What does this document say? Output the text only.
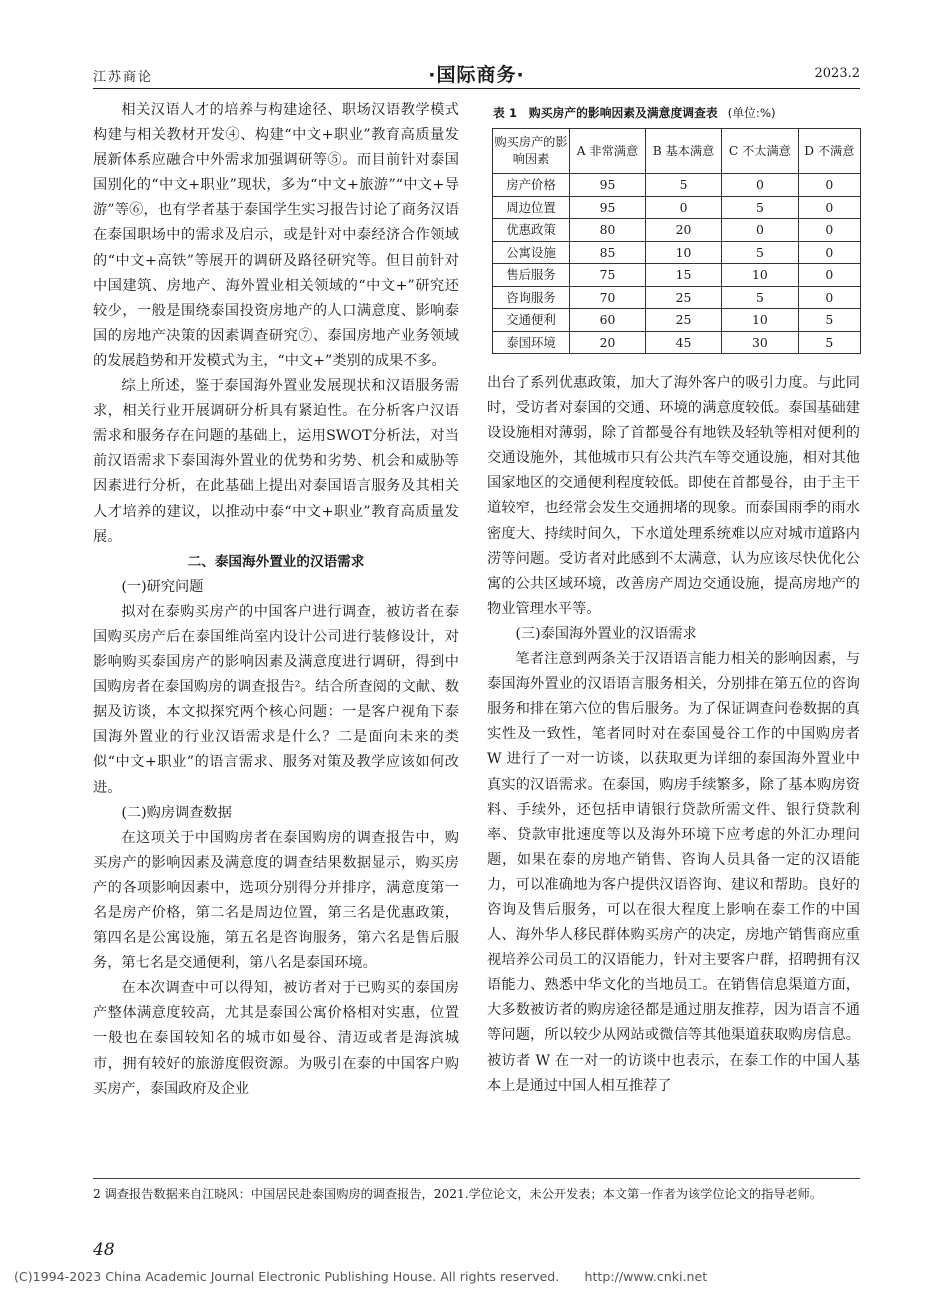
江苏商论	·国际商务·	2023.2

相关汉语人才的培养与构建途径、职场汉语教学模式构建与相关教材开发④、构建“中文+职业”教育高质量发展新体系应融合中外需求加强调研等⑤。而目前针对泰国国别化的“中文+职业”现状，多为“中文+旅游”“中文+导游”等⑥，也有学者基于泰国学生实习报告讨论了商务汉语在泰国职场中的需求及启示，或是针对中泰经济合作领域的“中文+高铁”等展开的调研及路径研究等。但目前针对中国建筑、房地产、海外置业相关领域的“中文+”研究还较少，一般是围绕泰国投资房地产的人口满意度、影响泰国的房地产决策的因素调查研究⑦、泰国房地产业务领域的发展趋势和开发模式为主，“中文+”类别的成果不多。

综上所述，鉴于泰国海外置业发展现状和汉语服务需求，相关行业开展调研分析具有紧迫性。在分析客户汉语需求和服务存在问题的基础上，运用SWOT分析法，对当前汉语需求下泰国海外置业的优势和劣势、机会和威胁等因素进行分析，在此基础上提出对泰国语言服务及其相关人才培养的建议，以推动中泰“中文+职业”教育高质量发展。

二、泰国海外置业的汉语需求

(一)研究问题

拟对在泰购买房产的中国客户进行调查，被访者在泰国购买房产后在泰国维尚室内设计公司进行装修设计，对影响购买泰国房产的影响因素及满意度进行调研，得到中国购房者在泰国购房的调查报告²。结合所查阅的文献、数据及访谈，本文拟探究两个核心问题：一是客户视角下泰国海外置业的行业汉语需求是什么？二是面向未来的类似“中文+职业”的语言需求、服务对策及教学应该如何改进。

(二)购房调查数据

在这项关于中国购房者在泰国购房的调查报告中，购买房产的影响因素及满意度的调查结果数据显示，购买房产的各项影响因素中，选项分别得分并排序，满意度第一名是房产价格，第二名是周边位置，第三名是优惠政策，第四名是公寓设施，第五名是咨询服务，第六名是售后服务，第七名是交通便利，第八名是泰国环境。

在本次调查中可以得知，被访者对于已购买的泰国房产整体满意度较高，尤其是泰国公寓价格相对实惠，位置一般也在泰国较知名的城市如曼谷、清迈或者是海滨城市，拥有较好的旅游度假资源。为吸引在泰的中国客户购买房产，泰国政府及企业

表 1　购买房产的影响因素及满意度调查表 (单位:%)
购买房产的影响因素	A 非常满意	B 基本满意	C 不太满意	D 不满意
房产价格	95	5	0	0
周边位置	95	0	5	0
优惠政策	80	20	0	0
公寓设施	85	10	5	0
售后服务	75	15	10	0
咨询服务	70	25	5	0
交通便利	60	25	10	5
泰国环境	20	45	30	5

出台了系列优惠政策，加大了海外客户的吸引力度。与此同时，受访者对泰国的交通、环境的满意度较低。泰国基础建设设施相对薄弱，除了首都曼谷有地铁及轻轨等相对便利的交通设施外，其他城市只有公共汽车等交通设施，相对其他国家地区的交通便利程度较低。即使在首都曼谷，由于主干道较窄，也经常会发生交通拥堵的现象。而泰国雨季的雨水密度大、持续时间久，下水道处理系统难以应对城市道路内涝等问题。受访者对此感到不太满意，认为应该尽快优化公寓的公共区域环境，改善房产周边交通设施，提高房地产的物业管理水平等。

(三)泰国海外置业的汉语需求

笔者注意到两条关于汉语语言能力相关的影响因素，与泰国海外置业的汉语语言服务相关，分别排在第五位的咨询服务和排在第六位的售后服务。为了保证调查问卷数据的真实性及一致性，笔者同时对在泰国曼谷工作的中国购房者 W 进行了一对一访谈，以获取更为详细的泰国海外置业中真实的汉语需求。在泰国，购房手续繁多，除了基本购房资料、手续外，还包括申请银行贷款所需文件、银行贷款利率、贷款审批速度等以及海外环境下应考虑的外汇办理问题，如果在泰的房地产销售、咨询人员具备一定的汉语能力，可以准确地为客户提供汉语咨询、建议和帮助。良好的咨询及售后服务，可以在很大程度上影响在泰工作的中国人、海外华人移民群体购买房产的决定，房地产销售商应重视培养公司员工的汉语能力，针对主要客户群，招聘拥有汉语能力、熟悉中华文化的当地员工。在销售信息渠道方面，大多数被访者的购房途径都是通过朋友推荐，因为语言不通等问题，所以较少从网站或微信等其他渠道获取购房信息。被访者 W 在一对一的访谈中也表示，在泰工作的中国人基本上是通过中国人相互推荐了

2 调查报告数据来自江晓风：中国居民赴泰国购房的调查报告，2021.学位论文，未公开发表；本文第一作者为该学位论文的指导老师。
48
(C)1994-2023 China Academic Journal Electronic Publishing House. All rights reserved.　　http://www.cnki.net
